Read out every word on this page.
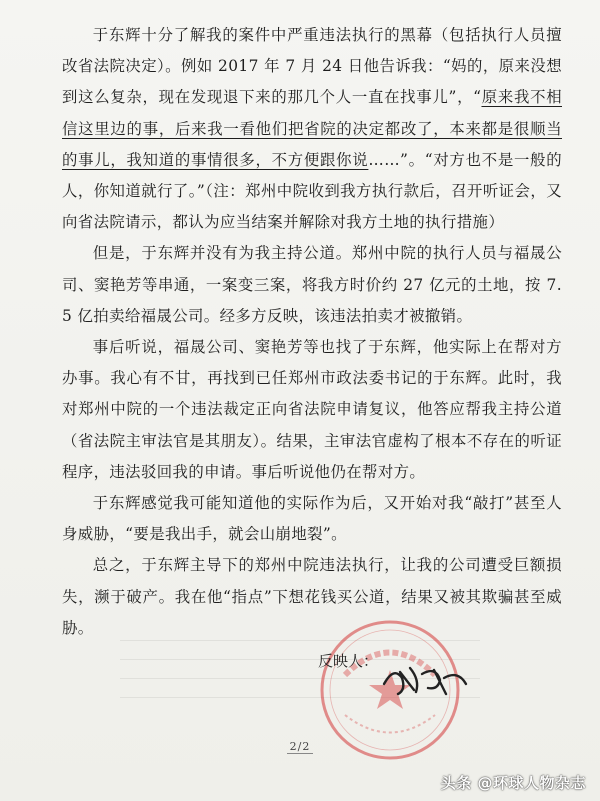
于东辉十分了解我的案件中严重违法执行的黑幕（包括执行人员擅改省法院决定）。例如 2017 年 7 月 24 日他告诉我：“妈的，原来没想到这么复杂，现在发现退下来的那几个人一直在找事儿”，“原来我不相信这里边的事，后来我一看他们把省院的决定都改了，本来都是很顺当的事儿，我知道的事情很多，不方便跟你说……”。“对方也不是一般的人，你知道就行了。”（注：郑州中院收到我方执行款后，召开听证会，又向省法院请示，都认为应当结案并解除对我方土地的执行措施）

但是，于东辉并没有为我主持公道。郑州中院的执行人员与福晟公司、窦艳芳等串通，一案变三案，将我方时价约 27 亿元的土地，按 7.5 亿拍卖给福晟公司。经多方反映，该违法拍卖才被撤销。

事后听说，福晟公司、窦艳芳等也找了于东辉，他实际上在帮对方办事。我心有不甘，再找到已任郑州市政法委书记的于东辉。此时，我对郑州中院的一个违法裁定正向省法院申请复议，他答应帮我主持公道（省法院主审法官是其朋友）。结果，主审法官虚构了根本不存在的听证程序，违法驳回我的申请。事后听说他仍在帮对方。

于东辉感觉我可能知道他的实际作为后，又开始对我“敲打”甚至人身威胁，“要是我出手，就会山崩地裂”。

总之，于东辉主导下的郑州中院违法执行，让我的公司遭受巨额损失，濒于破产。我在他“指点”下想花钱买公道，结果又被其欺骗甚至威胁。

反映人：
2/2
头条 @环球人物杂志
